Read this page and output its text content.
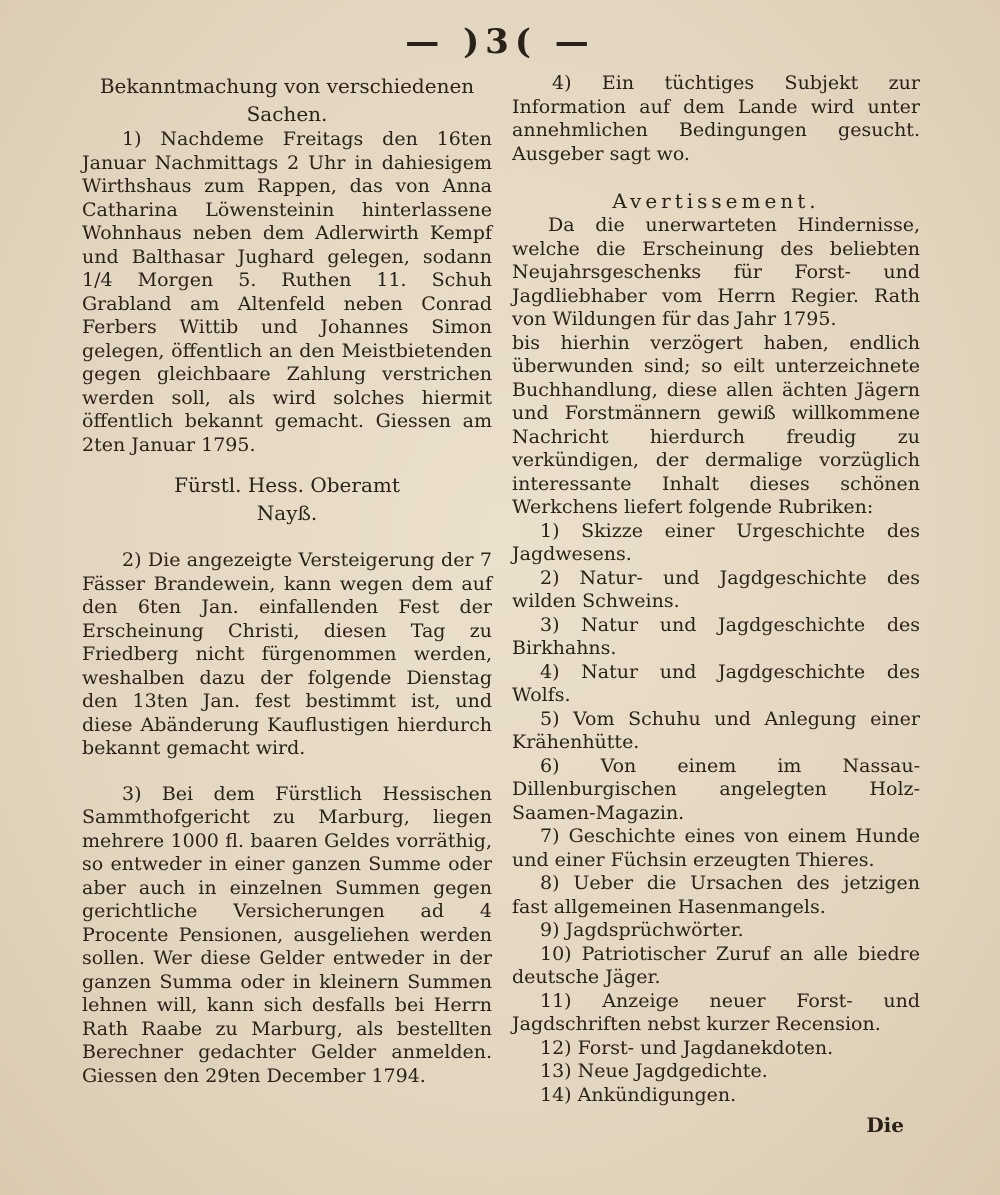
— )3( —

Bekanntmachung von verschiedenen Sachen.

1) Nachdeme Freitags den 16ten Januar Nachmittags 2 Uhr in dahiesigem Wirthshaus zum Rappen, das von Anna Catharina Löwensteinin hinterlassene Wohnhaus neben dem Adlerwirth Kempf und Balthasar Jughard gelegen, sodann 1/4 Morgen 5. Ruthen 11. Schuh Grabland am Altenfeld neben Conrad Ferbers Wittib und Johannes Simon gelegen, öffentlich an den Meistbietenden gegen gleichbaare Zahlung verstrichen werden soll, als wird solches hiermit öffentlich bekannt gemacht. Giessen am 2ten Januar 1795.

Fürstl. Hess. Oberamt

Nayß.

2) Die angezeigte Versteigerung der 7 Fässer Brandewein, kann wegen dem auf den 6ten Jan. einfallenden Fest der Erscheinung Christi, diesen Tag zu Friedberg nicht fürgenommen werden, weshalben dazu der folgende Dienstag den 13ten Jan. fest bestimmt ist, und diese Abänderung Kauflustigen hierdurch bekannt gemacht wird.

3) Bei dem Fürstlich Hessischen Sammthofgericht zu Marburg, liegen mehrere 1000 fl. baaren Geldes vorräthig, so entweder in einer ganzen Summe oder aber auch in einzelnen Summen gegen gerichtliche Versicherungen ad 4 Procente Pensionen, ausgeliehen werden sollen. Wer diese Gelder entweder in der ganzen Summa oder in kleinern Summen lehnen will, kann sich desfalls bei Herrn Rath Raabe zu Marburg, als bestellten Berechner gedachter Gelder anmelden. Giessen den 29ten December 1794.

4) Ein tüchtiges Subjekt zur Information auf dem Lande wird unter annehmlichen Bedingungen gesucht. Ausgeber sagt wo.

Avertissement.

Da die unerwarteten Hindernisse, welche die Erscheinung des beliebten Neujahrsgeschenks für Forst- und Jagdliebhaber vom Herrn Regier. Rath von Wildungen für das Jahr 1795.

bis hierhin verzögert haben, endlich überwunden sind; so eilt unterzeichnete Buchhandlung, diese allen ächten Jägern und Forstmännern gewiß willkommene Nachricht hierdurch freudig zu verkündigen, der dermalige vorzüglich interessante Inhalt dieses schönen Werkchens liefert folgende Rubriken:

1) Skizze einer Urgeschichte des Jagdwesens.
2) Natur- und Jagdgeschichte des wilden Schweins.
3) Natur und Jagdgeschichte des Birkhahns.
4) Natur und Jagdgeschichte des Wolfs.
5) Vom Schuhu und Anlegung einer Krähenhütte.
6) Von einem im Nassau-Dillenburgischen angelegten Holz-Saamen-Magazin.
7) Geschichte eines von einem Hunde und einer Füchsin erzeugten Thieres.
8) Ueber die Ursachen des jetzigen fast allgemeinen Hasenmangels.
9) Jagdsprüchwörter.
10) Patriotischer Zuruf an alle biedre deutsche Jäger.
11) Anzeige neuer Forst- und Jagdschriften nebst kurzer Recension.
12) Forst- und Jagdanekdoten.
13) Neue Jagdgedichte.
14) Ankündigungen.
Die
